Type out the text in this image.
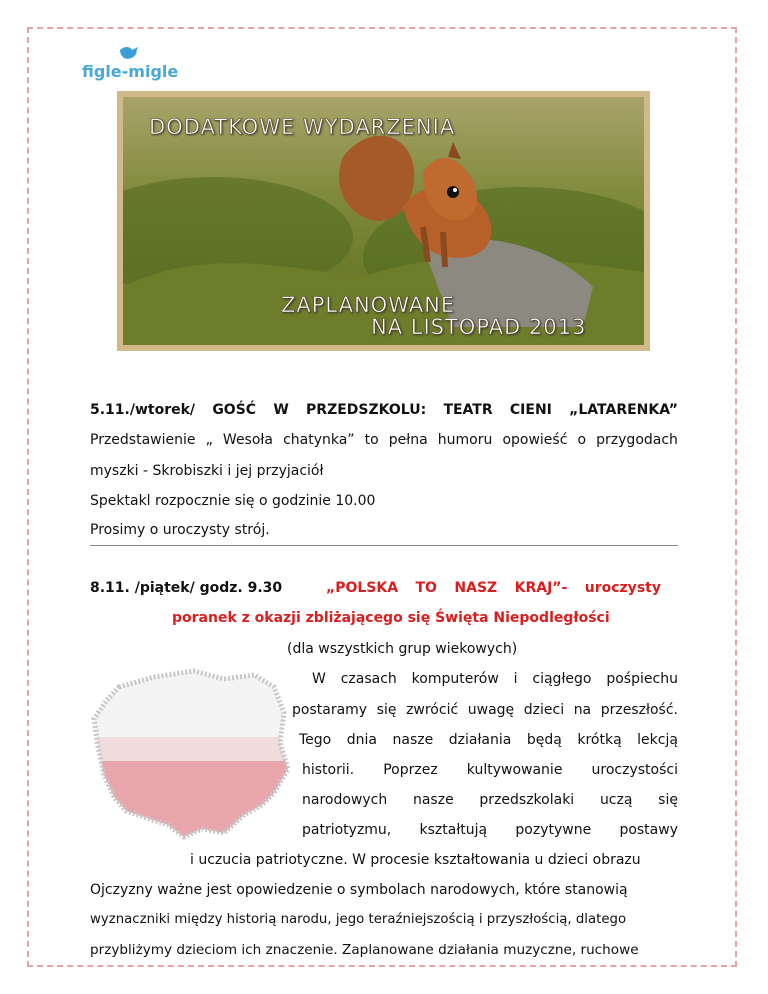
figle-migle
DODATKOWE WYDARZENIA
ZAPLANOWANE
NA LISTOPAD 2013
5.11./wtorek/ GOŚĆ W PRZEDSZKOLU: TEATR CIENI „LATARENKA”
Przedstawienie „ Wesoła chatynka” to pełna humoru opowieść o przygodach
myszki - Skrobiszki i jej przyjaciół
Spektakl rozpocznie się o godzinie 10.00
Prosimy o uroczysty strój.
8.11. /piątek/ godz. 9.30	„POLSKA TO NASZ KRAJ”- uroczysty
poranek z okazji zbliżającego się Święta Niepodległości
(dla wszystkich grup wiekowych)
W czasach komputerów i ciągłego pośpiechu
postaramy się zwrócić uwagę dzieci na przeszłość.
Tego dnia nasze działania będą krótką lekcją
historii. Poprzez kultywowanie uroczystości
narodowych nasze przedszkolaki uczą się
patriotyzmu, kształtują pozytywne postawy
i uczucia patriotyczne. W procesie kształtowania u dzieci obrazu
Ojczyzny ważne jest opowiedzenie o symbolach narodowych, które stanowią
wyznaczniki między historią narodu, jego teraźniejszością i przyszłością, dlatego
przybliżymy dzieciom ich znaczenie. Zaplanowane działania muzyczne, ruchowe
